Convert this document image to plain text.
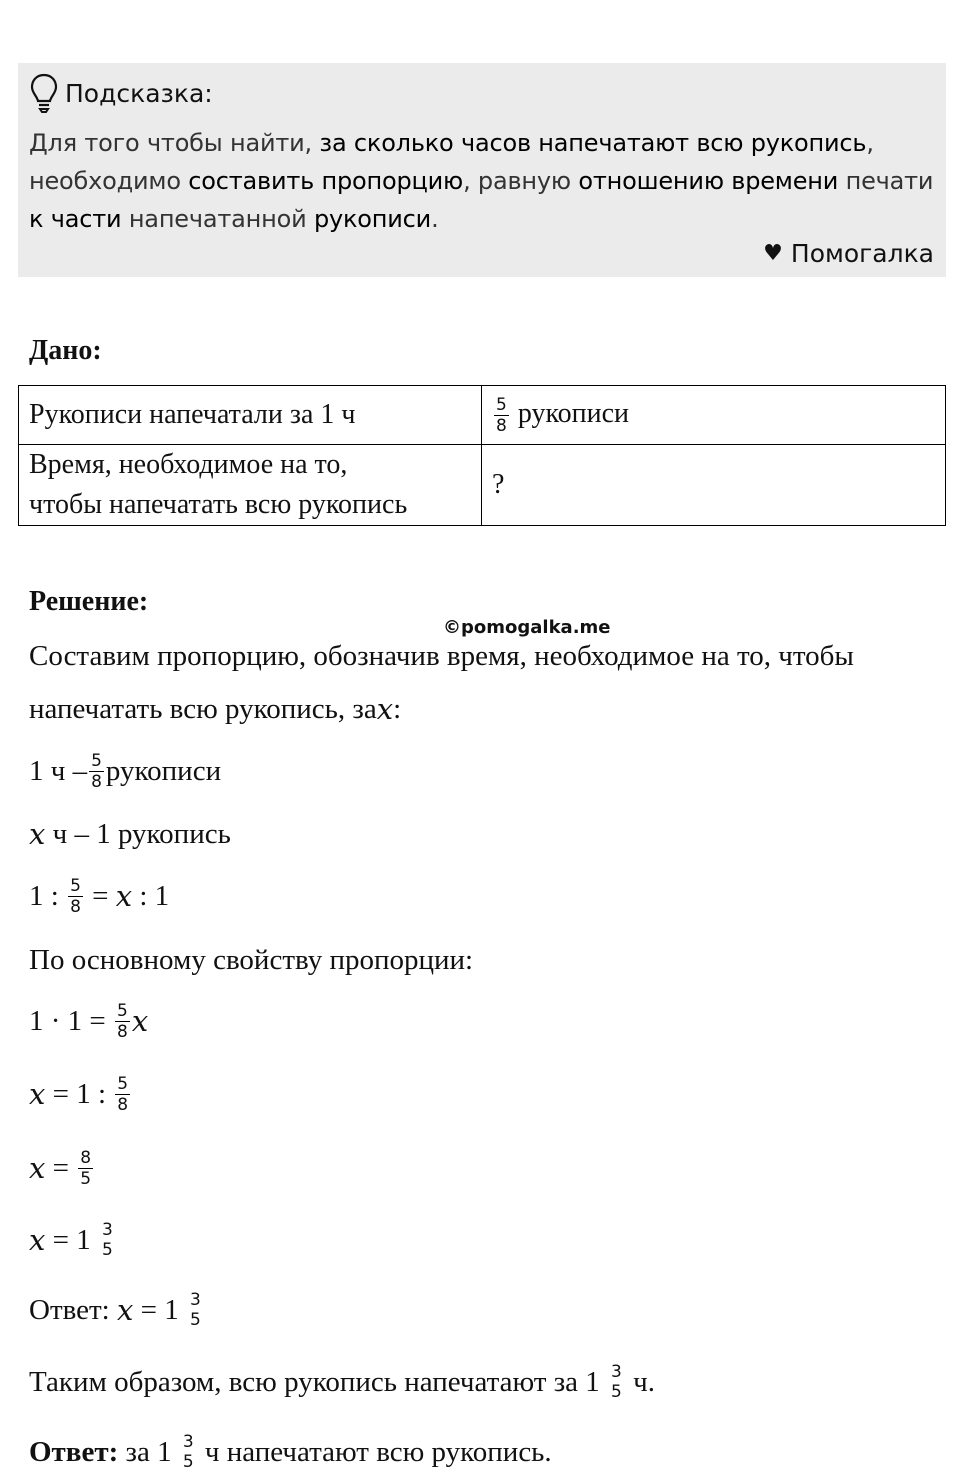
Подсказка:
Для того чтобы найти, за сколько часов напечатают всю рукопись, необходимо составить пропорцию, равную отношению времени печати к части напечатанной рукописи.
♥ Помогалка
Дано:
Рукописи напечатали за 1 ч	$\frac{5}{8}$ рукописи
Время, необходимое на то,
чтобы напечатать всю рукопись	?
Решение:
©pomogalka.me
Составим пропорцию, обозначив время, необходимое на то, чтобы
напечатать всю рукопись, за x :
1 ч – $\frac{5}{8}$ рукописи
x ч – 1 рукопись
1 : $\frac{5}{8} = x$ : 1
По основному свойству пропорции:
$1 \cdot 1 = \frac{5}{8}$ x
x = 1 : $\frac{5}{8}$
$x = \frac{8}{5}$
x = 1 3
5
Ответ: x = 1 3
5
Таким образом, всю рукопись напечатают за 1 3
5 ч.
Ответ: за 1 3
5 ч напечатают всю рукопись.
